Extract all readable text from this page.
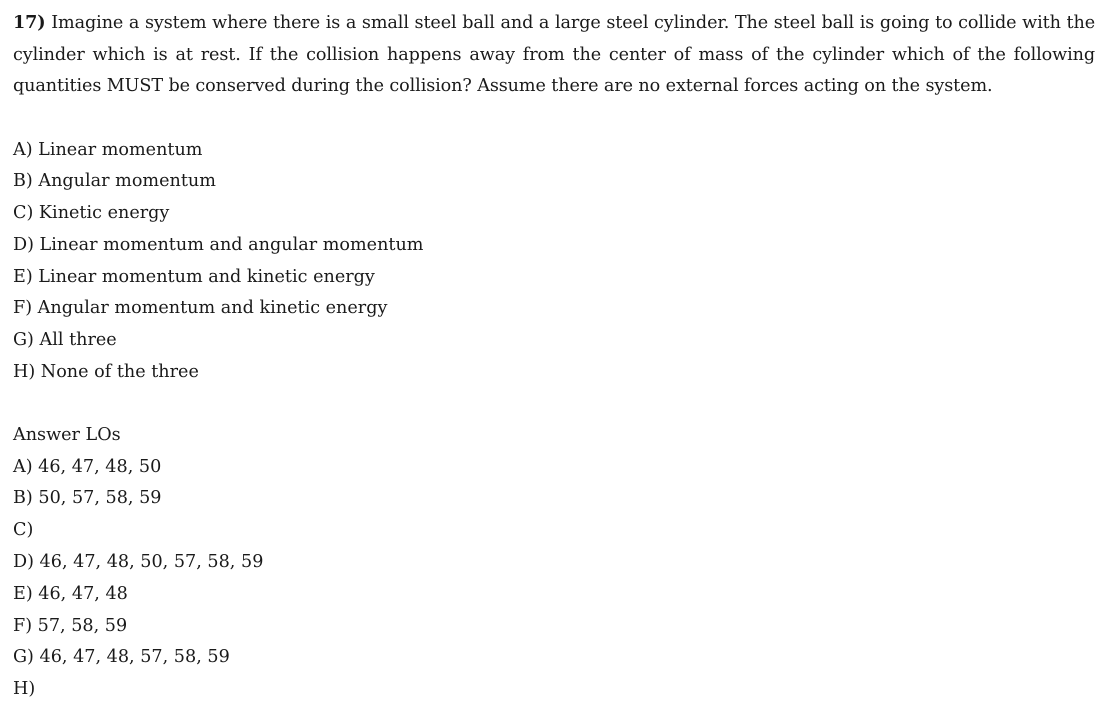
17) Imagine a system where there is a small steel ball and a large steel cylinder. The steel ball is going to collide with the cylinder which is at rest. If the collision happens away from the center of mass of the cylinder which of the following quantities MUST be conserved during the collision? Assume there are no external forces acting on the system.

A) Linear momentum
B) Angular momentum
C) Kinetic energy
D) Linear momentum and angular momentum
E) Linear momentum and kinetic energy
F) Angular momentum and kinetic energy
G) All three
H) None of the three
Answer LOs
A) 46, 47, 48, 50
B) 50, 57, 58, 59
C)
D) 46, 47, 48, 50, 57, 58, 59
E) 46, 47, 48
F) 57, 58, 59
G) 46, 47, 48, 57, 58, 59
H)
